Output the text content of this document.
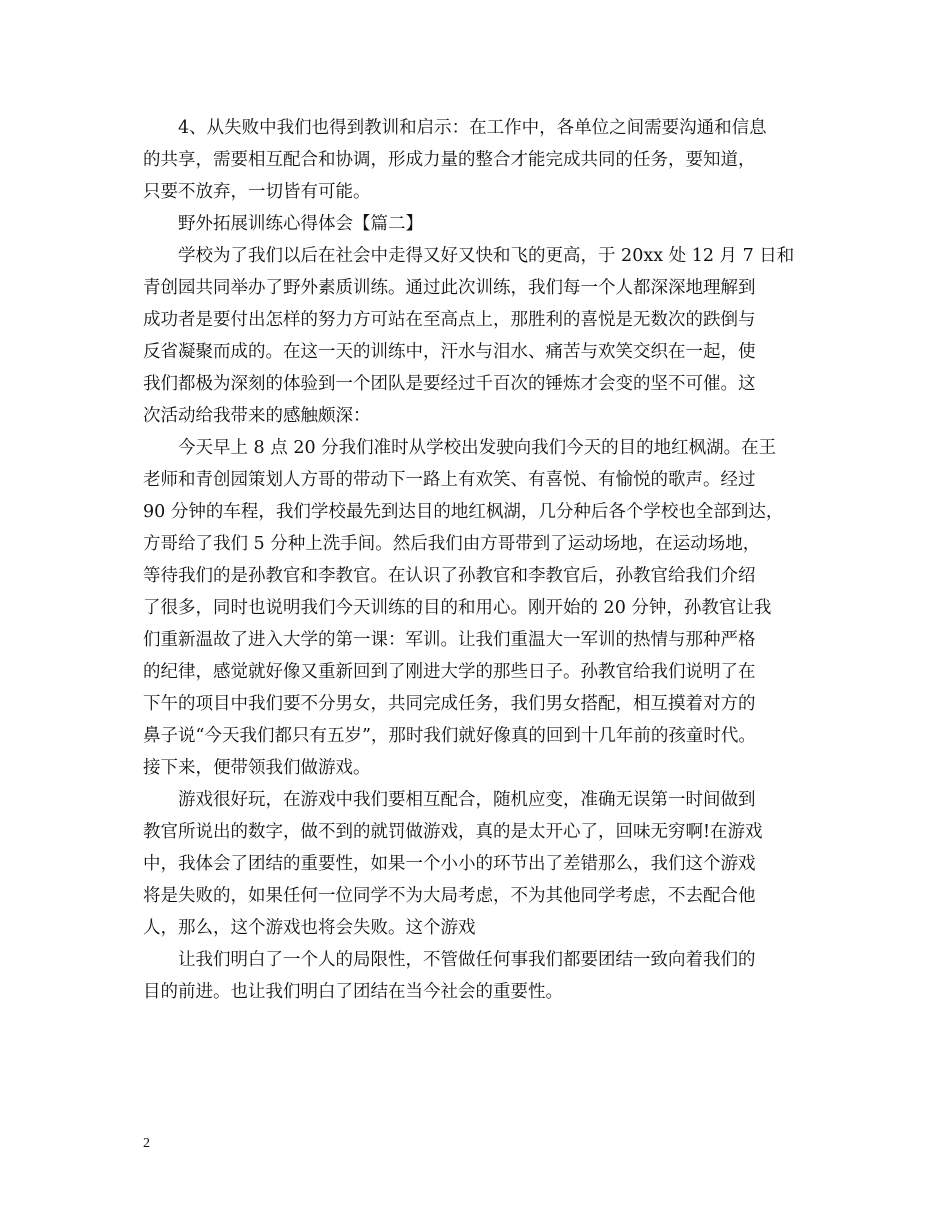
4、从失败中我们也得到教训和启示：在工作中，各单位之间需要沟通和信息
的共享，需要相互配合和协调，形成力量的整合才能完成共同的任务，要知道，
只要不放弃，一切皆有可能。
野外拓展训练心得体会【篇二】
学校为了我们以后在社会中走得又好又快和飞的更高，于 20xx 处 12 月 7 日和
青创园共同举办了野外素质训练。通过此次训练，我们每一个人都深深地理解到
成功者是要付出怎样的努力方可站在至高点上，那胜利的喜悦是无数次的跌倒与
反省凝聚而成的。在这一天的训练中，汗水与泪水、痛苦与欢笑交织在一起，使
我们都极为深刻的体验到一个团队是要经过千百次的锤炼才会变的坚不可催。这
次活动给我带来的感触颇深：
今天早上 8 点 20 分我们准时从学校出发驶向我们今天的目的地红枫湖。在王
老师和青创园策划人方哥的带动下一路上有欢笑、有喜悦、有愉悦的歌声。经过
90 分钟的车程，我们学校最先到达目的地红枫湖，几分种后各个学校也全部到达，
方哥给了我们 5 分种上洗手间。然后我们由方哥带到了运动场地，在运动场地，
等待我们的是孙教官和李教官。在认识了孙教官和李教官后，孙教官给我们介绍
了很多，同时也说明我们今天训练的目的和用心。刚开始的 20 分钟，孙教官让我
们重新温故了进入大学的第一课：军训。让我们重温大一军训的热情与那种严格
的纪律，感觉就好像又重新回到了刚进大学的那些日子。孙教官给我们说明了在
下午的项目中我们要不分男女，共同完成任务，我们男女搭配，相互摸着对方的
鼻子说“今天我们都只有五岁”，那时我们就好像真的回到十几年前的孩童时代。
接下来，便带领我们做游戏。
游戏很好玩，在游戏中我们要相互配合，随机应变，准确无误第一时间做到
教官所说出的数字，做不到的就罚做游戏，真的是太开心了，回味无穷啊!在游戏
中，我体会了团结的重要性，如果一个小小的环节出了差错那么，我们这个游戏
将是失败的，如果任何一位同学不为大局考虑，不为其他同学考虑，不去配合他
人，那么，这个游戏也将会失败。这个游戏
让我们明白了一个人的局限性，不管做任何事我们都要团结一致向着我们的
目的前进。也让我们明白了团结在当今社会的重要性。
2
